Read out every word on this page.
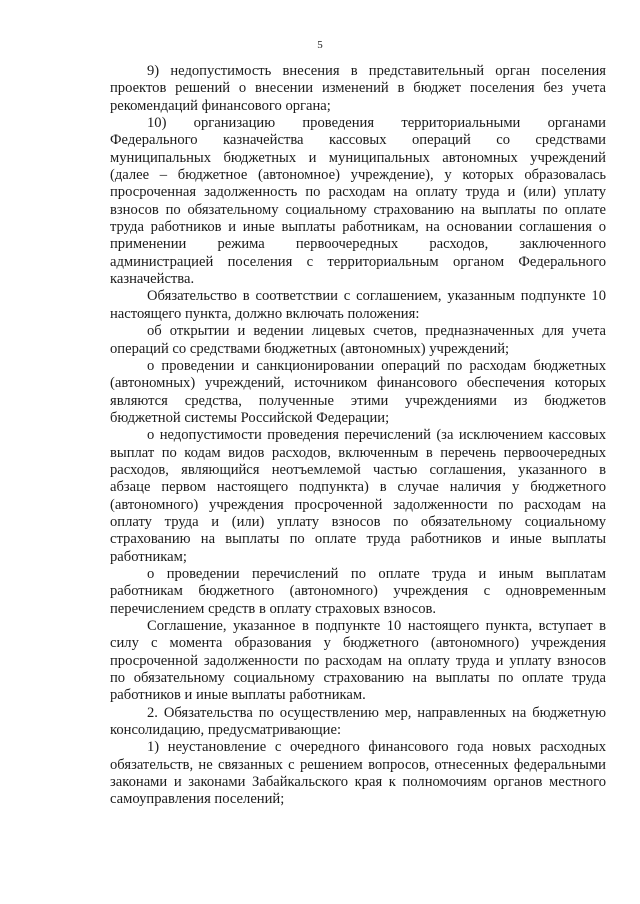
5
9) недопустимость внесения в представительный орган поселения
проектов решений о внесении изменений в бюджет поселения без учета
рекомендаций финансового органа;
10) организацию проведения территориальными органами
Федерального казначейства кассовых операций со средствами
муниципальных бюджетных и муниципальных автономных учреждений
(далее – бюджетное (автономное) учреждение), у которых образовалась
просроченная задолженность по расходам на оплату труда и (или) уплату
взносов по обязательному социальному страхованию на выплаты по оплате
труда работников и иные выплаты работникам, на основании соглашения о
применении режима первоочередных расходов, заключенного
администрацией поселения с территориальным органом Федерального
казначейства.
Обязательство в соответствии с соглашением, указанным подпункте 10
настоящего пункта, должно включать положения:
об открытии и ведении лицевых счетов, предназначенных для учета
операций со средствами бюджетных (автономных) учреждений;
о проведении и санкционировании операций по расходам бюджетных
(автономных) учреждений, источником финансового обеспечения которых
являются средства, полученные этими учреждениями из бюджетов
бюджетной системы Российской Федерации;
о недопустимости проведения перечислений (за исключением кассовых
выплат по кодам видов расходов, включенным в перечень первоочередных
расходов, являющийся неотъемлемой частью соглашения, указанного в
абзаце первом настоящего подпункта) в случае наличия у бюджетного
(автономного) учреждения просроченной задолженности по расходам на
оплату труда и (или) уплату взносов по обязательному социальному
страхованию на выплаты по оплате труда работников и иные выплаты
работникам;
о проведении перечислений по оплате труда и иным выплатам
работникам бюджетного (автономного) учреждения с одновременным
перечислением средств в оплату страховых взносов.
Соглашение, указанное в подпункте 10 настоящего пункта, вступает в
силу с момента образования у бюджетного (автономного) учреждения
просроченной задолженности по расходам на оплату труда и уплату взносов
по обязательному социальному страхованию на выплаты по оплате труда
работников и иные выплаты работникам.
2. Обязательства по осуществлению мер, направленных на бюджетную
консолидацию, предусматривающие:
1) неустановление с очередного финансового года новых расходных
обязательств, не связанных с решением вопросов, отнесенных федеральными
законами и законами Забайкальского края к полномочиям органов местного
самоуправления поселений;
